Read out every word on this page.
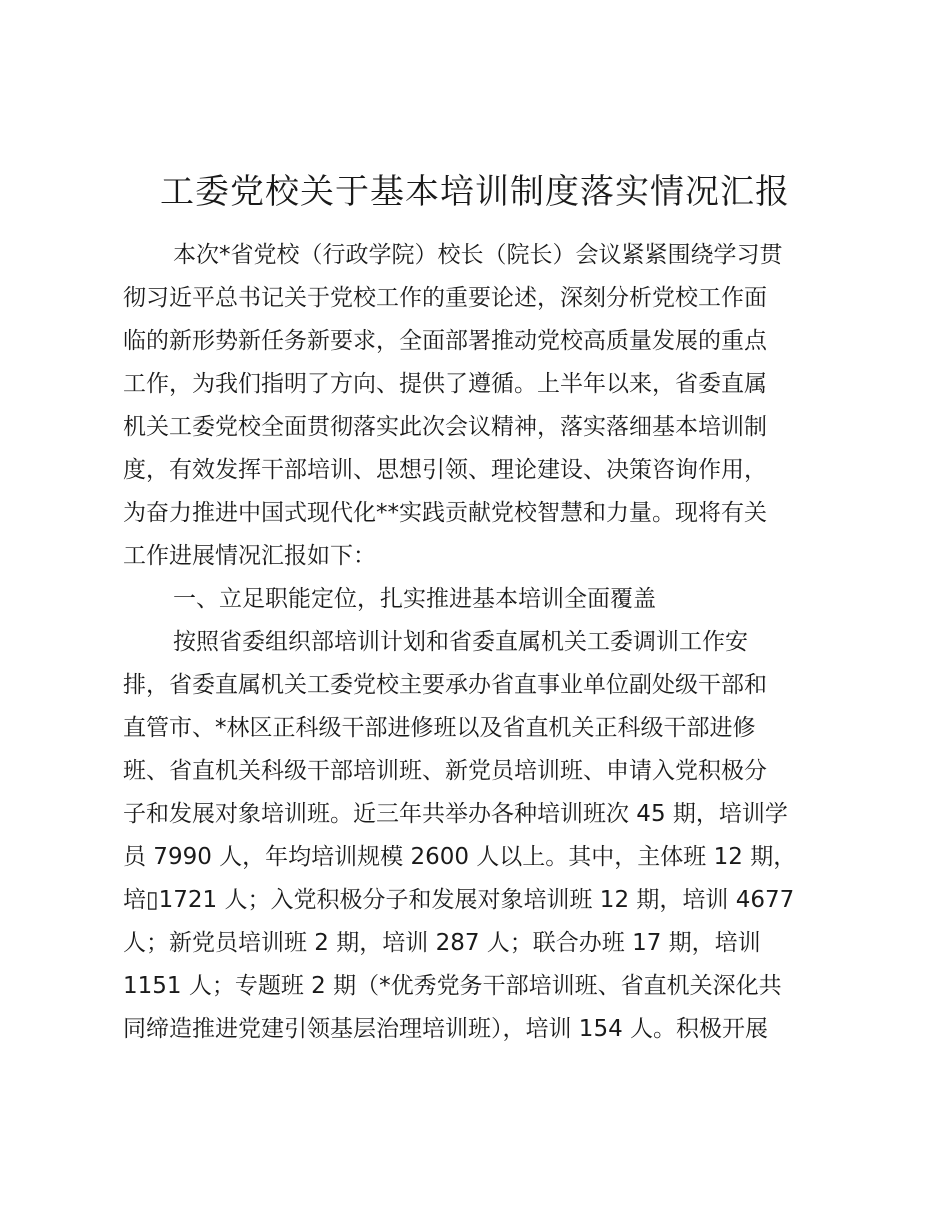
工委党校关于基本培训制度落实情况汇报
本次*省党校（行政学院）校长（院长）会议紧紧围绕学习贯
彻习近平总书记关于党校工作的重要论述，深刻分析党校工作面
临的新形势新任务新要求，全面部署推动党校高质量发展的重点
工作，为我们指明了方向、提供了遵循。上半年以来，省委直属
机关工委党校全面贯彻落实此次会议精神，落实落细基本培训制
度，有效发挥干部培训、思想引领、理论建设、决策咨询作用，
为奋力推进中国式现代化**实践贡献党校智慧和力量。现将有关
工作进展情况汇报如下：
一、立足职能定位，扎实推进基本培训全面覆盖
按照省委组织部培训计划和省委直属机关工委调训工作安
排，省委直属机关工委党校主要承办省直事业单位副处级干部和
直管市、*林区正科级干部进修班以及省直机关正科级干部进修
班、省直机关科级干部培训班、新党员培训班、申请入党积极分
子和发展对象培训班。近三年共举办各种培训班次 45 期，培训学
员 7990 人，年均培训规模 2600 人以上。其中，主体班 12 期，
培▯1721 人；入党积极分子和发展对象培训班 12 期，培训 4677
人；新党员培训班 2 期，培训 287 人；联合办班 17 期，培训
1151 人；专题班 2 期（*优秀党务干部培训班、省直机关深化共
同缔造推进党建引领基层治理培训班），培训 154 人。积极开展
